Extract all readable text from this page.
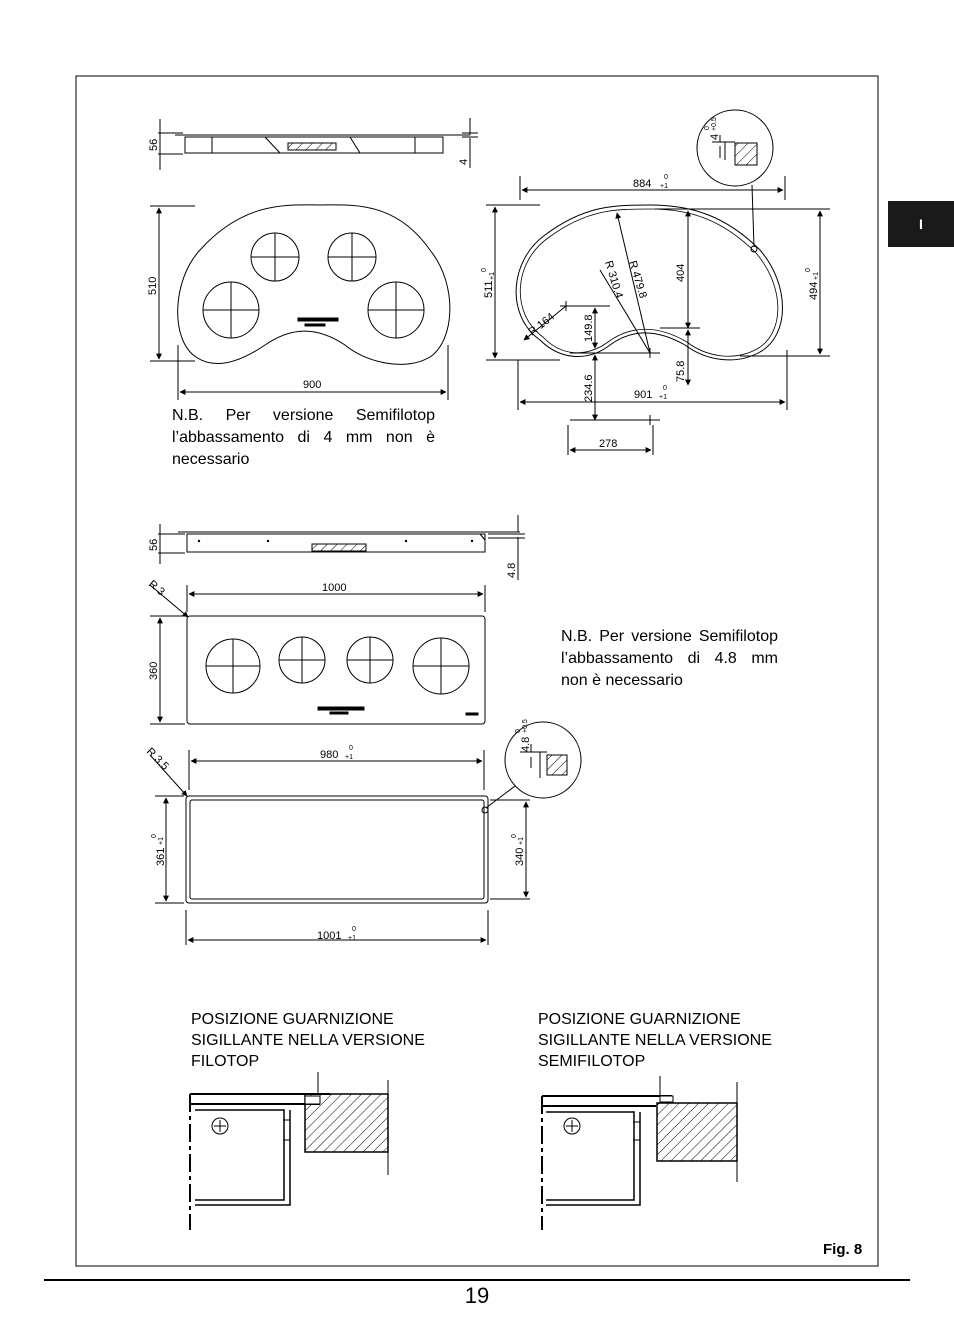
56
4
510
900
884
0
+1
511
0
+1
494
0
+1
901
0
+1
404
149.8
75.8
234.6
278
R 479.8
R 310.4
R 164
4
0 +0.5
56
4.8
R 3	1000
360
R 3.5	980
0
+1
1001
0
+1
361
0
+1
340
0
+1
4.8
0 +0.5
I

N.B. Per versione Semifilotop l’abbassamento di 4 mm non è necessario

N.B. Per versione Semifilotop l’abbassamento di 4.8 mm non è necessario

POSIZIONE GUARNIZIONE
SIGILLANTE NELLA VERSIONE
FILOTOP

POSIZIONE GUARNIZIONE
SIGILLANTE NELLA VERSIONE
SEMIFILOTOP

Fig. 8
19
